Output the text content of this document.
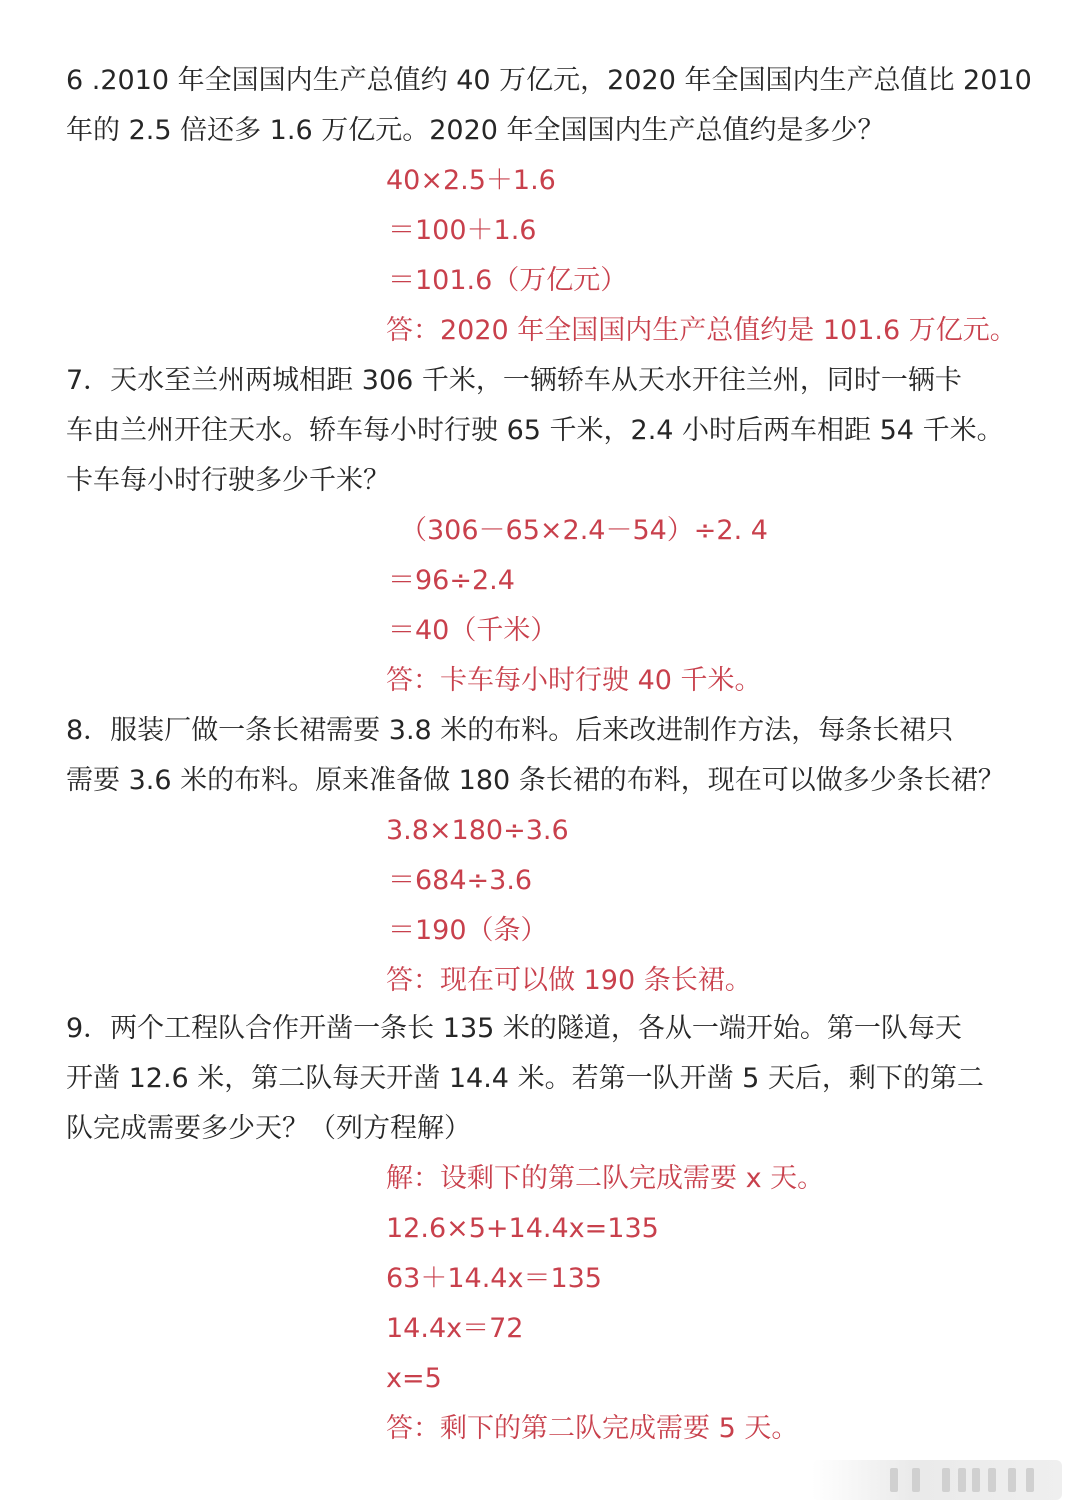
6 .2010 年全国国内生产总值约 40 万亿元，2020 年全国国内生产总值比 2010
年的 2.5 倍还多 1.6 万亿元。2020 年全国国内生产总值约是多少？
40×2.5＋1.6
＝100＋1.6
＝101.6（万亿元）
答：2020 年全国国内生产总值约是 101.6 万亿元。
7．天水至兰州两城相距 306 千米，一辆轿车从天水开往兰州，同时一辆卡
车由兰州开往天水。轿车每小时行驶 65 千米，2.4 小时后两车相距 54 千米。
卡车每小时行驶多少千米？
（306－65×2.4－54）÷2. 4
＝96÷2.4
＝40（千米）
答：卡车每小时行驶 40 千米。
8．服装厂做一条长裙需要 3.8 米的布料。后来改进制作方法，每条长裙只
需要 3.6 米的布料。原来准备做 180 条长裙的布料，现在可以做多少条长裙？
3.8×180÷3.6
＝684÷3.6
＝190（条）
答：现在可以做 190 条长裙。
9．两个工程队合作开凿一条长 135 米的隧道，各从一端开始。第一队每天
开凿 12.6 米，第二队每天开凿 14.4 米。若第一队开凿 5 天后，剩下的第二
队完成需要多少天？（列方程解）
解：设剩下的第二队完成需要 x 天。
12.6×5+14.4x=135
63＋14.4x＝135
14.4x＝72
x=5
答：剩下的第二队完成需要 5 天。
